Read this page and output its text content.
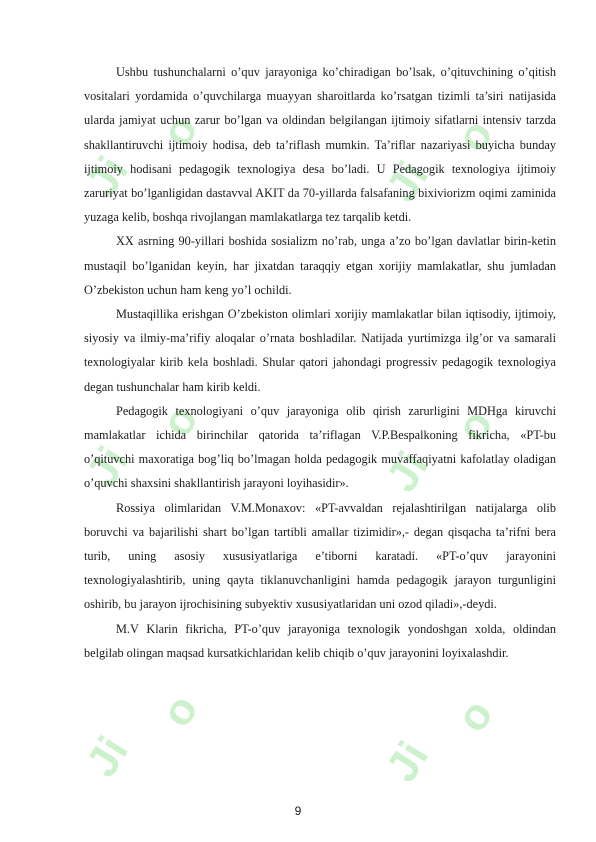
Ji
o
Ji
o
Ji
o
Ji
o
Ji
o
Ji
o

Ushbu tushunchalarni o’quv jarayoniga ko’chiradigan bo’lsak, o’qituvchining o’qitish vositalari yordamida o’quvchilarga muayyan sharoitlarda ko’rsatgan tizimli ta’siri natijasida ularda jamiyat uchun zarur bo’lgan va oldindan belgilangan ijtimoiy sifatlarni intensiv tarzda shakllantiruvchi ijtimoiy hodisa, deb ta’riflash mumkin. Ta’riflar nazariyasi buyicha bunday ijtimoiy hodisani pedagogik texnologiya desa bo’ladi. U Pedagogik texnologiya ijtimoiy zaruriyat bo’lganligidan dastavval AKIT da 70-yillarda falsafaning bixiviorizm oqimi zaminida yuzaga kelib, boshqa rivojlangan mamlakatlarga tez tarqalib ketdi.

XX asrning 90-yillari boshida sosializm no’rab, unga a’zo bo’lgan davlatlar birin-ketin mustaqil bo’lganidan keyin, har jixatdan taraqqiy etgan xorijiy mamlakatlar, shu jumladan O’zbekiston uchun ham keng yo’l ochildi.

Mustaqillika erishgan O’zbekiston olimlari xorijiy mamlakatlar bilan iqtisodiy, ijtimoiy, siyosiy va ilmiy-ma’rifiy aloqalar o’rnata boshladilar. Natijada yurtimizga ilg’or va samarali texnologiyalar kirib kela boshladi. Shular qatori jahondagi progressiv pedagogik texnologiya degan tushunchalar ham kirib keldi.

Pedagogik texnologiyani o’quv jarayoniga olib qirish zarurligini MDHga kiruvchi mamlakatlar ichida birinchilar qatorida ta’riflagan V.P.Bespalkoning fikricha, «PT-bu o’qituvchi maxoratiga bog’liq bo’lmagan holda pedagogik muvaffaqiyatni kafolatlay oladigan o’quvchi shaxsini shakllantirish jarayoni loyihasidir».

Rossiya olimlaridan V.M.Monaxov: «PT-avvaldan rejalashtirilgan natijalarga olib boruvchi va bajarilishi shart bo’lgan tartibli amallar tizimidir»,- degan qisqacha ta’rifni bera turib, uning asosiy xususiyatlariga e’tiborni karatadi. «PT-o’quv jarayonini texnologiyalashtirib, uning qayta tiklanuvchanligini hamda pedagogik jarayon turgunligini oshirib, bu jarayon ijrochisining subyektiv xususiyatlaridan uni ozod qiladi»,-deydi.

M.V Klarin fikricha, PT-o’quv jarayoniga texnologik yondoshgan xolda, oldindan belgilab olingan maqsad kursatkichlaridan kelib chiqib o’quv jarayonini loyixalashdir.

9
